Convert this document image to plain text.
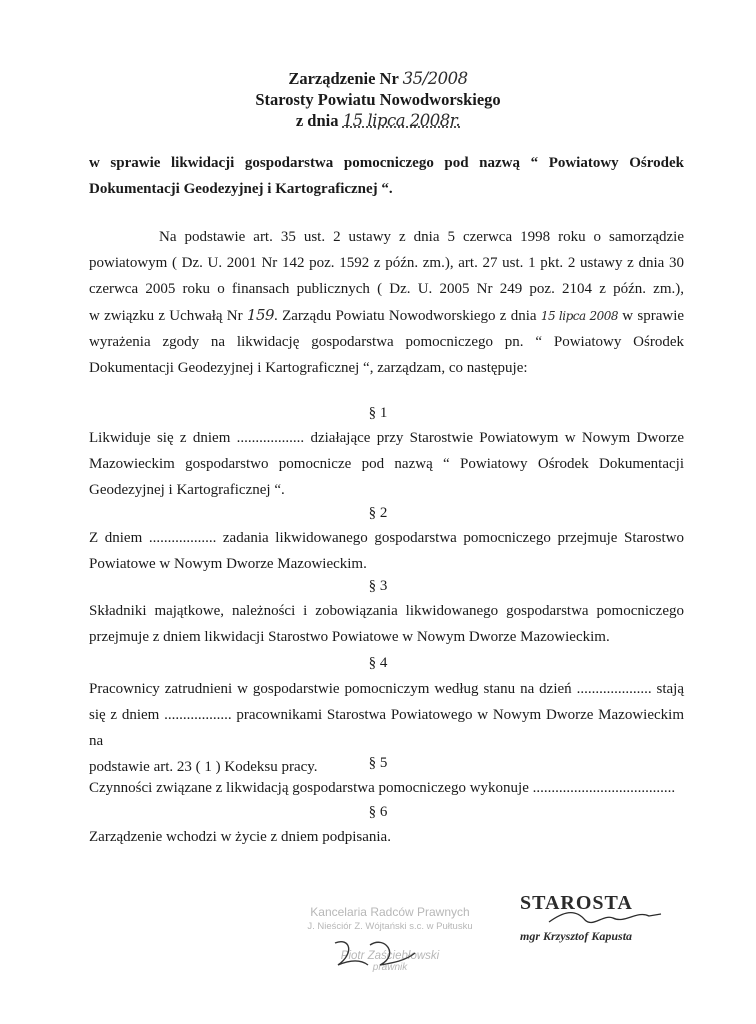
Zarządzenie Nr 35/2008
Starosty Powiatu Nowodworskiego
z dnia 15 lipca 2008r.
w sprawie likwidacji gospodarstwa pomocniczego pod nazwą “ Powiatowy Ośrodek
Dokumentacji Geodezyjnej i Kartograficznej “.
Na podstawie art. 35 ust. 2 ustawy z dnia 5 czerwca 1998 roku o samorządzie
powiatowym ( Dz. U. 2001 Nr 142 poz. 1592 z późn. zm.), art. 27 ust. 1 pkt. 2 ustawy z dnia 30
czerwca 2005 roku o finansach publicznych ( Dz. U. 2005 Nr 249 poz. 2104 z późn. zm.),
w związku z Uchwałą Nr 159. Zarządu Powiatu Nowodworskiego z dnia 15 lipca 2008 w sprawie
wyrażenia zgody na likwidację gospodarstwa pomocniczego pn. “ Powiatowy Ośrodek
Dokumentacji Geodezyjnej i Kartograficznej “, zarządzam, co następuje:
§ 1
Likwiduje się z dniem .................. działające przy Starostwie Powiatowym w Nowym Dworze
Mazowieckim gospodarstwo pomocnicze pod nazwą “ Powiatowy Ośrodek Dokumentacji
Geodezyjnej i Kartograficznej “.
§ 2
Z dniem .................. zadania likwidowanego gospodarstwa pomocniczego przejmuje Starostwo
Powiatowe w Nowym Dworze Mazowieckim.
§ 3
Składniki majątkowe, należności i zobowiązania likwidowanego gospodarstwa pomocniczego
przejmuje z dniem likwidacji Starostwo Powiatowe w Nowym Dworze Mazowieckim.
§ 4
Pracownicy zatrudnieni w gospodarstwie pomocniczym według stanu na dzień .................... stają
się z dniem .................. pracownikami Starostwa Powiatowego w Nowym Dworze Mazowieckim na
podstawie art. 23 ( 1 ) Kodeksu pracy.	§ 5
Czynności związane z likwidacją gospodarstwa pomocniczego wykonuje ......................................
§ 6
Zarządzenie wchodzi w życie z dniem podpisania.
Kancelaria Radców Prawnych
J. Nieściór Z. Wójtański s.c. w Pułtusku
Piotr Zaściebłowski
prawnik
STAROSTA
mgr Krzysztof Kapusta
